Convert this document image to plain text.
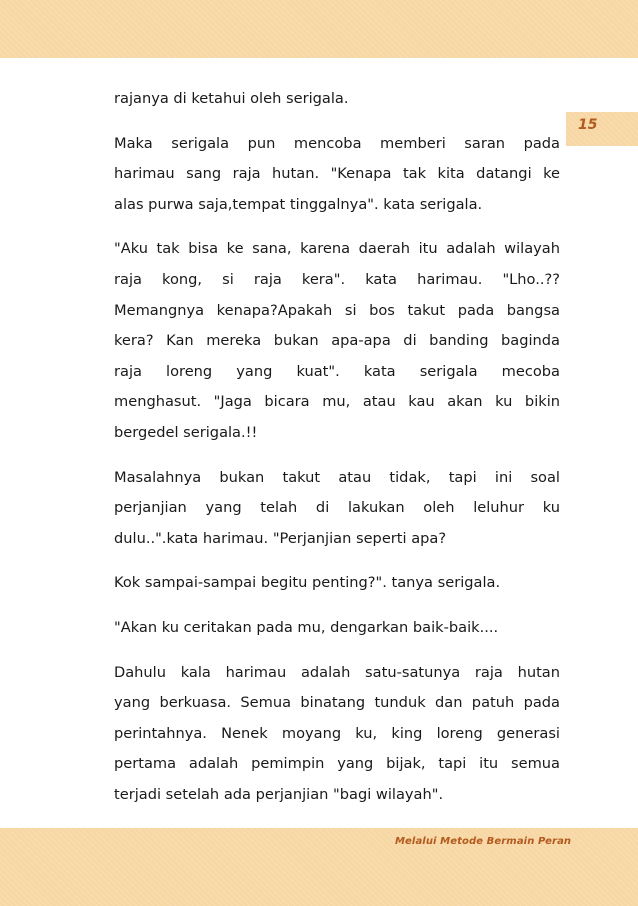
15

rajanya di ketahui oleh serigala.

Maka serigala pun mencoba memberi saran pada
harimau sang raja hutan. "Kenapa tak kita datangi ke
alas purwa saja,tempat tinggalnya". kata serigala.

"Aku tak bisa ke sana, karena daerah itu adalah wilayah
raja kong, si raja kera". kata harimau. "Lho..??
Memangnya kenapa?Apakah si bos takut pada bangsa
kera? Kan mereka bukan apa-apa di banding baginda
raja loreng yang kuat". kata serigala mecoba
menghasut. "Jaga bicara mu, atau kau akan ku bikin
bergedel serigala.!!

Masalahnya bukan takut atau tidak, tapi ini soal
perjanjian yang telah di lakukan oleh leluhur ku
dulu..".kata harimau. "Perjanjian seperti apa?

Kok sampai-sampai begitu penting?". tanya serigala.

"Akan ku ceritakan pada mu, dengarkan baik-baik....

Dahulu kala harimau adalah satu-satunya raja hutan
yang berkuasa. Semua binatang tunduk dan patuh pada
perintahnya. Nenek moyang ku, king loreng generasi
pertama adalah pemimpin yang bijak, tapi itu semua
terjadi setelah ada perjanjian "bagi wilayah".

Melalui Metode Bermain Peran
